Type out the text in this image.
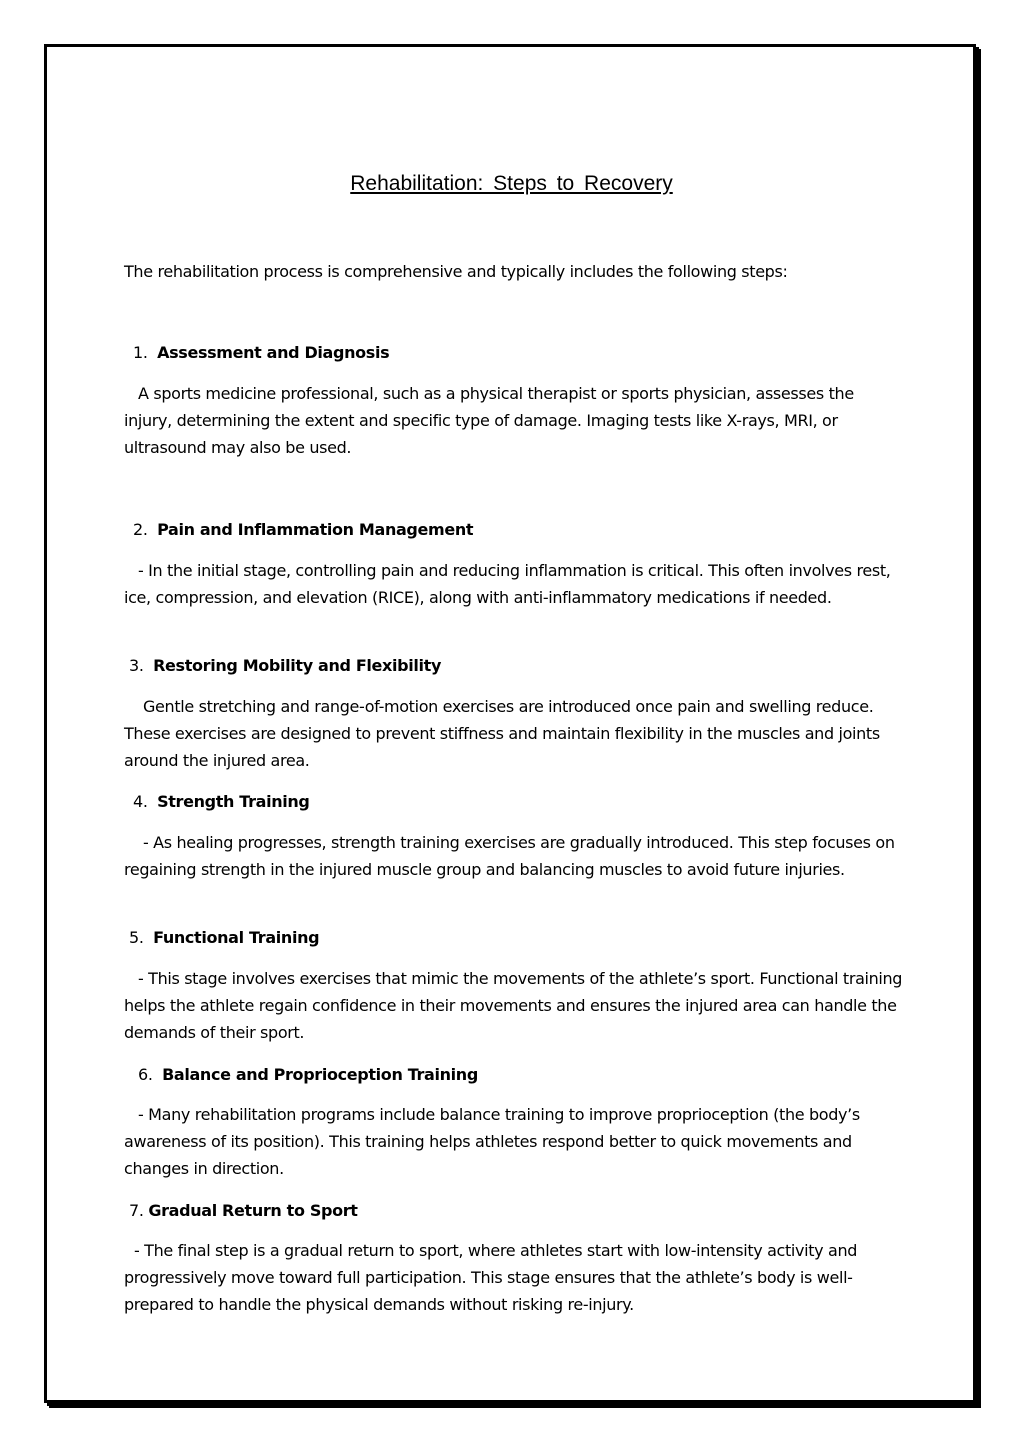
Rehabilitation: Steps to Recovery

The rehabilitation process is comprehensive and typically includes the following steps:

1. Assessment and Diagnosis

A sports medicine professional, such as a physical therapist or sports physician, assesses the injury, determining the extent and specific type of damage. Imaging tests like X-rays, MRI, or ultrasound may also be used.

2. Pain and Inflammation Management

- In the initial stage, controlling pain and reducing inflammation is critical. This often involves rest, ice, compression, and elevation (RICE), along with anti-inflammatory medications if needed.

3. Restoring Mobility and Flexibility

Gentle stretching and range-of-motion exercises are introduced once pain and swelling reduce. These exercises are designed to prevent stiffness and maintain flexibility in the muscles and joints around the injured area.

4. Strength Training

- As healing progresses, strength training exercises are gradually introduced. This step focuses on regaining strength in the injured muscle group and balancing muscles to avoid future injuries.

5. Functional Training

- This stage involves exercises that mimic the movements of the athlete’s sport. Functional training helps the athlete regain confidence in their movements and ensures the injured area can handle the demands of their sport.

6. Balance and Proprioception Training

- Many rehabilitation programs include balance training to improve proprioception (the body’s awareness of its position). This training helps athletes respond better to quick movements and changes in direction.

7. Gradual Return to Sport

- The final step is a gradual return to sport, where athletes start with low-intensity activity and progressively move toward full participation. This stage ensures that the athlete’s body is well-prepared to handle the physical demands without risking re-injury.
